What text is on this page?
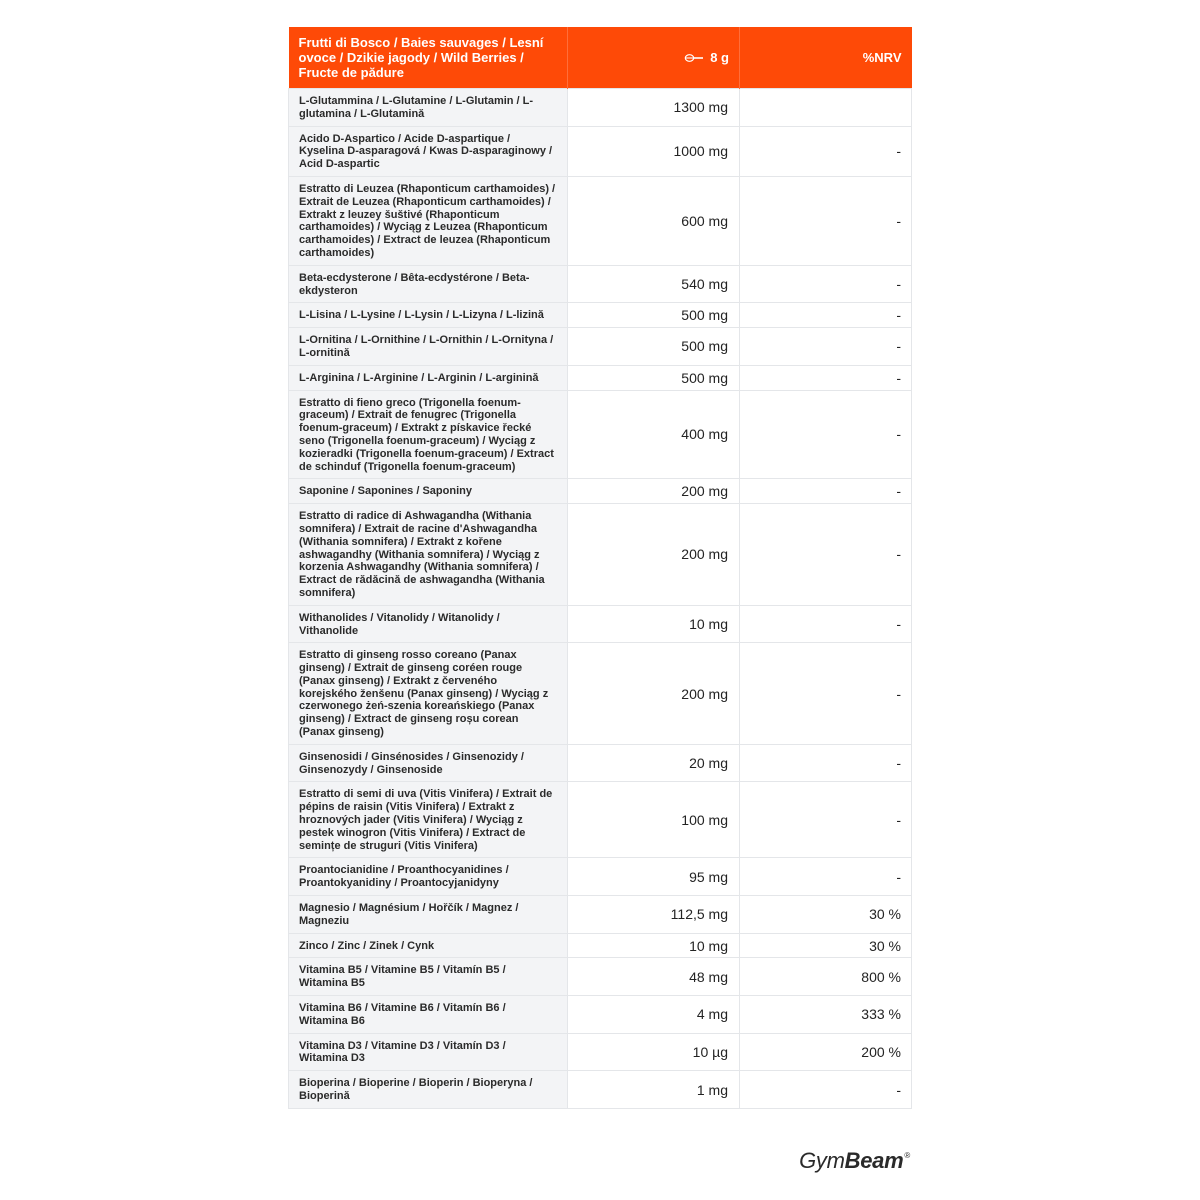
Frutti di Bosco / Baies sauvages / Lesní ovoce / Dzikie jagody / Wild Berries / Fructe de pădure	8 g	%NRV
L-Glutammina / L-Glutamine / L-Glutamin / L-glutamina / L-Glutamină	1300 mg	
Acido D-Aspartico / Acide D-aspartique / Kyselina D-asparagová / Kwas D-asparaginowy / Acid D-aspartic	1000 mg	-
Estratto di Leuzea (Rhaponticum carthamoides) / Extrait de Leuzea (Rhaponticum carthamoides) / Extrakt z leuzey šuštivé (Rhaponticum carthamoides) / Wyciąg z Leuzea (Rhaponticum carthamoides) / Extract de leuzea (Rhaponticum carthamoides)	600 mg	-
Beta-ecdysterone / Bêta-ecdystérone / Beta-ekdysteron	540 mg	-
L-Lisina / L-Lysine / L-Lysin / L-Lizyna / L-lizină	500 mg	-
L-Ornitina / L-Ornithine / L-Ornithin / L-Ornityna / L-ornitină	500 mg	-
L-Arginina / L-Arginine / L-Arginin / L-arginină	500 mg	-
Estratto di fieno greco (Trigonella foenum-graceum) / Extrait de fenugrec (Trigonella foenum-graceum) / Extrakt z pískavice řecké seno (Trigonella foenum-graceum) / Wyciąg z kozieradki (Trigonella foenum-graceum) / Extract de schinduf (Trigonella foenum-graceum)	400 mg	-
Saponine / Saponines / Saponiny	200 mg	-
Estratto di radice di Ashwagandha (Withania somnifera) / Extrait de racine d'Ashwagandha (Withania somnifera) / Extrakt z kořene ashwagandhy (Withania somnifera) / Wyciąg z korzenia Ashwagandhy (Withania somnifera) / Extract de rădăcină de ashwagandha (Withania somnifera)	200 mg	-
Withanolides / Vitanolidy / Witanolidy / Vithanolide	10 mg	-
Estratto di ginseng rosso coreano (Panax ginseng) / Extrait de ginseng coréen rouge (Panax ginseng) / Extrakt z červeného korejského ženšenu (Panax ginseng) / Wyciąg z czerwonego żeń-szenia koreańskiego (Panax ginseng) / Extract de ginseng roșu corean (Panax ginseng)	200 mg	-
Ginsenosidi / Ginsénosides / Ginsenozidy / Ginsenozydy / Ginsenoside	20 mg	-
Estratto di semi di uva (Vitis Vinifera) / Extrait de pépins de raisin (Vitis Vinifera) / Extrakt z hroznových jader (Vitis Vinifera) / Wyciąg z pestek winogron (Vitis Vinifera) / Extract de semințe de struguri (Vitis Vinifera)	100 mg	-
Proantocianidine / Proanthocyanidines / Proantokyanidiny / Proantocyjanidyny	95 mg	-
Magnesio / Magnésium / Hořčík / Magnez / Magneziu	112,5 mg	30 %
Zinco / Zinc / Zinek / Cynk	10 mg	30 %
Vitamina B5 / Vitamine B5 / Vitamín B5 / Witamina B5	48 mg	800 %
Vitamina B6 / Vitamine B6 / Vitamín B6 / Witamina B6	4 mg	333 %
Vitamina D3 / Vitamine D3 / Vitamín D3 / Witamina D3	10 µg	200 %
Bioperina / Bioperine / Bioperin / Bioperyna / Bioperină	1 mg	-
GymBeam®
